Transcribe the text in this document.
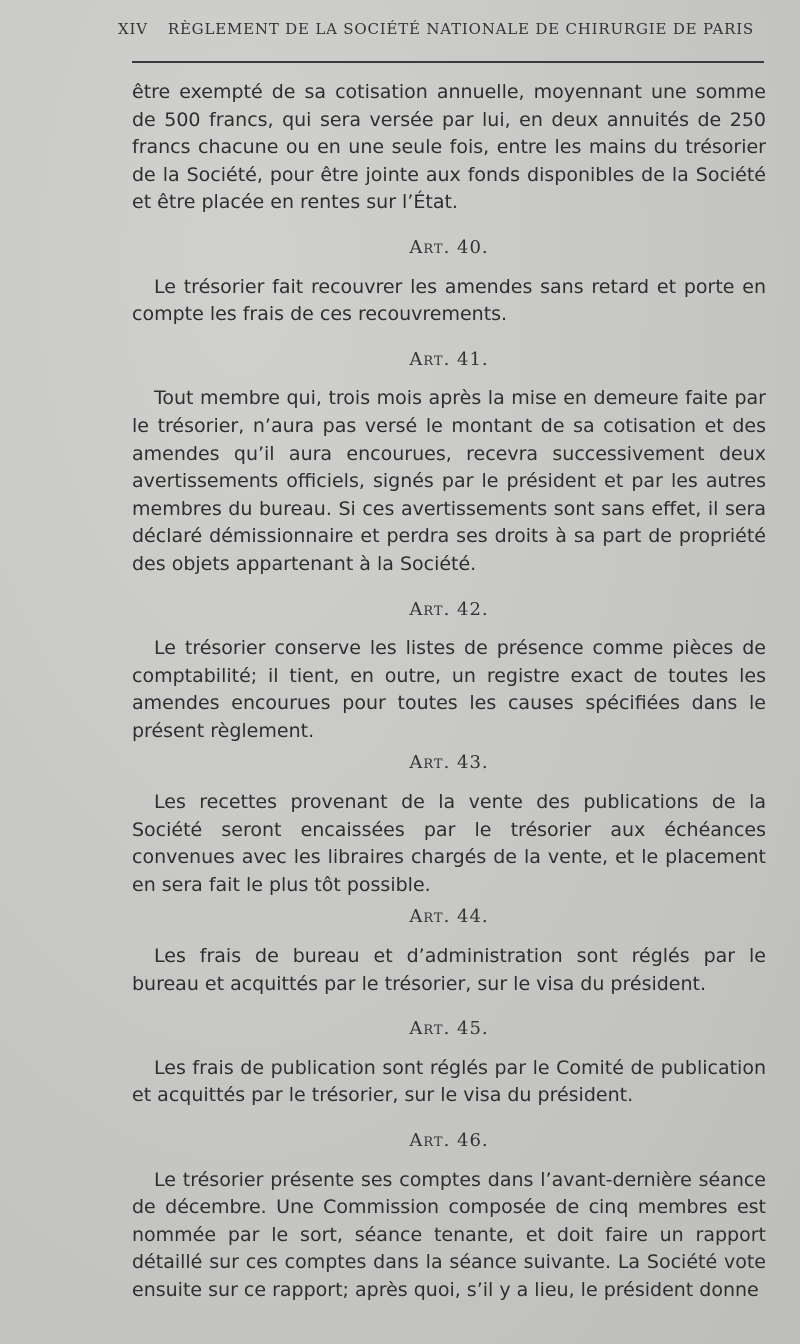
XIV RÈGLEMENT DE LA SOCIÉTÉ NATIONALE DE CHIRURGIE DE PARIS

être exempté de sa cotisation annuelle, moyennant une somme de 500 francs, qui sera versée par lui, en deux annuités de 250 francs chacune ou en une seule fois, entre les mains du trésorier de la Société, pour être jointe aux fonds disponibles de la Société et être placée en rentes sur l’État.

Art. 40.

Le trésorier fait recouvrer les amendes sans retard et porte en compte les frais de ces recouvrements.

Art. 41.

Tout membre qui, trois mois après la mise en demeure faite par le trésorier, n’aura pas versé le montant de sa cotisation et des amendes qu’il aura encourues, recevra successivement deux avertissements officiels, signés par le président et par les autres membres du bureau. Si ces avertissements sont sans effet, il sera déclaré démissionnaire et perdra ses droits à sa part de propriété des objets appartenant à la Société.

Art. 42.

Le trésorier conserve les listes de présence comme pièces de comptabilité; il tient, en outre, un registre exact de toutes les amendes encourues pour toutes les causes spécifiées dans le présent règlement.

Art. 43.

Les recettes provenant de la vente des publications de la Société seront encaissées par le trésorier aux échéances convenues avec les libraires chargés de la vente, et le placement en sera fait le plus tôt possible.

Art. 44.

Les frais de bureau et d’administration sont réglés par le bureau et acquittés par le trésorier, sur le visa du président.

Art. 45.

Les frais de publication sont réglés par le Comité de publication et acquittés par le trésorier, sur le visa du président.

Art. 46.

Le trésorier présente ses comptes dans l’avant-dernière séance de décembre. Une Commission composée de cinq membres est nommée par le sort, séance tenante, et doit faire un rapport détaillé sur ces comptes dans la séance suivante. La Société vote ensuite sur ce rapport; après quoi, s’il y a lieu, le président donne
